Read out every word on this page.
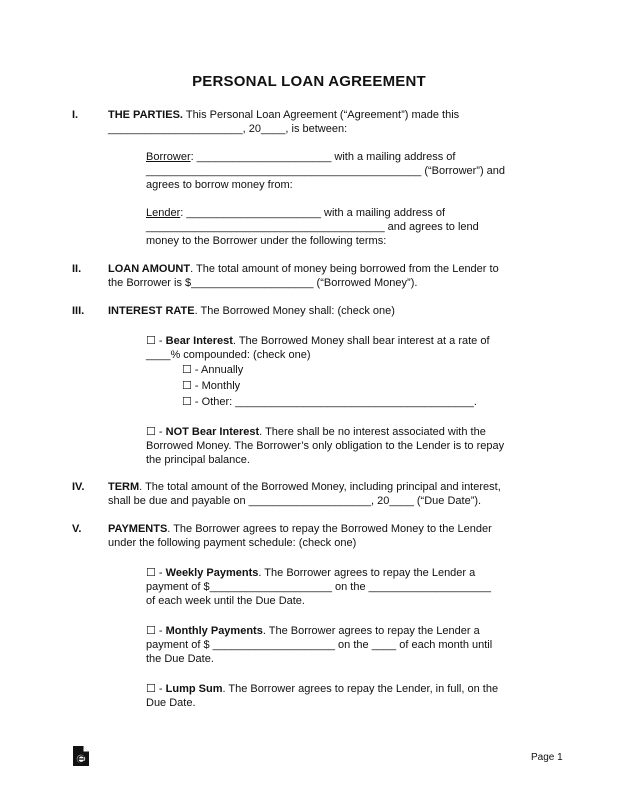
PERSONAL LOAN AGREEMENT
I.	THE PARTIES. This Personal Loan Agreement (“Agreement”) made this
______________________, 20____, is between:
Borrower: ______________________ with a mailing address of
_____________________________________________ (“Borrower”) and
agrees to borrow money from:
Lender: ______________________ with a mailing address of
_______________________________________ and agrees to lend
money to the Borrower under the following terms:
II. LOAN AMOUNT. The total amount of money being borrowed from the Lender to
the Borrower is $____________________ (“Borrowed Money”).
III. INTEREST RATE. The Borrowed Money shall: (check one)
☐ - Bear Interest. The Borrowed Money shall bear interest at a rate of
____% compounded: (check one)
☐ - Annually
☐ - Monthly
☐ - Other: _______________________________________.
☐ - NOT Bear Interest. There shall be no interest associated with the
Borrowed Money. The Borrower’s only obligation to the Lender is to repay
the principal balance.
IV. TERM. The total amount of the Borrowed Money, including principal and interest,
shall be due and payable on ____________________, 20____ (“Due Date”).
V. PAYMENTS. The Borrower agrees to repay the Borrowed Money to the Lender
under the following payment schedule: (check one)
☐ - Weekly Payments. The Borrower agrees to repay the Lender a
payment of $____________________ on the ____________________
of each week until the Due Date.
☐ - Monthly Payments. The Borrower agrees to repay the Lender a
payment of $ ____________________ on the ____ of each month until
the Due Date.
☐ - Lump Sum. The Borrower agrees to repay the Lender, in full, on the
Due Date.
Page 1
